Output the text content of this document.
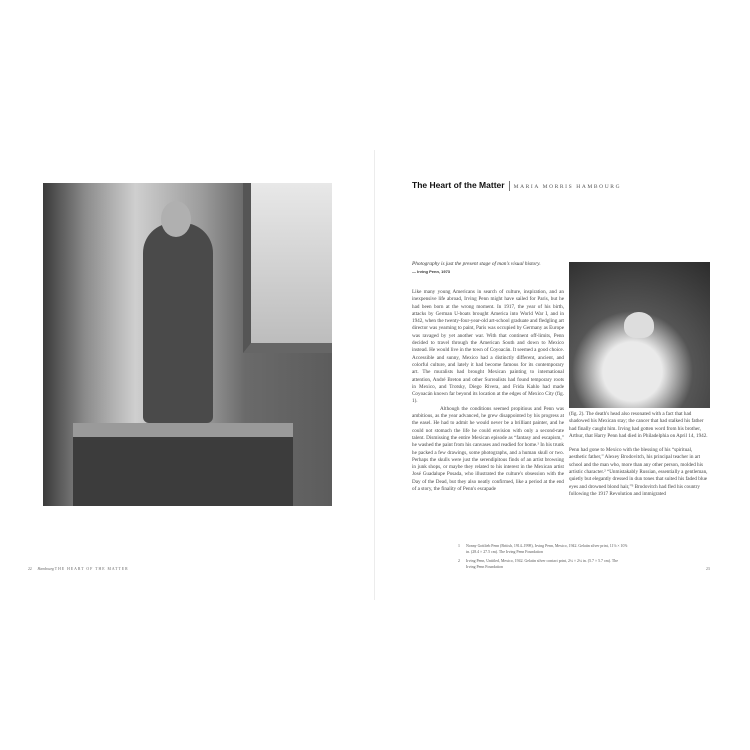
22 Hambourg THE HEART OF THE MATTER
The Heart of the Matter MARIA MORRIS HAMBOURG
Photography is just the present stage of man's visual history.
— Irving Penn, 1973

Like many young Americans in search of culture, inspiration, and an inexpensive life abroad, Irving Penn might have sailed for Paris, but he had been born at the wrong moment. In 1917, the year of his birth, attacks by German U-boats brought America into World War I, and in 1942, when the twenty-four-year-old art-school graduate and fledgling art director was yearning to paint, Paris was occupied by Germany as Europe was ravaged by yet another war. With that continent off-limits, Penn decided to travel through the American South and down to Mexico instead. He would live in the town of Coyoacán. It seemed a good choice. Accessible and sunny, Mexico had a distinctly different, ancient, and colorful culture, and lately it had become famous for its contemporary art. The muralists had brought Mexican painting to international attention, André Breton and other Surrealists had found temporary roots in Mexico, and Trotsky, Diego Rivera, and Frida Kahlo had made Coyoacán known far beyond its location at the edges of Mexico City (fig. 1).

Although the conditions seemed propitious and Penn was ambitious, as the year advanced, he grew disappointed by his progress at the easel. He had to admit he would never be a brilliant painter, and he could not stomach the life he could envision with only a second-rate talent. Dismissing the entire Mexican episode as “fantasy and escapism,” he washed the paint from his canvases and readied for home.¹ In his trunk he packed a few drawings, some photographs, and a human skull or two. Perhaps the skulls were just the serendipitous finds of an artist browsing in junk shops, or maybe they related to his interest in the Mexican artist José Guadalupe Posada, who illustrated the culture's obsession with the Day of the Dead, but they also neatly confirmed, like a period at the end of a story, the finality of Penn's escapade

(fig. 2). The death's head also resonated with a fact that had shadowed his Mexican stay; the cancer that had stalked his father had finally caught him. Irving had gotten word from his brother, Arthur, that Harry Penn had died in Philadelphia on April 14, 1942.

Penn had gone to Mexico with the blessing of his “spiritual, aesthetic father,” Alexey Brodovitch, his principal teacher in art school and the man who, more than any other person, molded his artistic character.² “Unmistakably Russian, essentially a gentleman, quietly but elegantly dressed in dun tones that suited his faded blue eyes and drowned blond hair,”³ Brodovitch had fled his country following the 1917 Revolution and immigrated

1	Nonny Gottlieb Penn (British, 1914–1998), Irving Penn, Mexico, 1942. Gelatin silver print, 11⅛ × 10⅞ in. (28.4 × 27.5 cm). The Irving Penn Foundation
2	Irving Penn, Untitled, Mexico, 1942. Gelatin silver contact print, 2¼ × 2¼ in. (5.7 × 5.7 cm). The Irving Penn Foundation
23
